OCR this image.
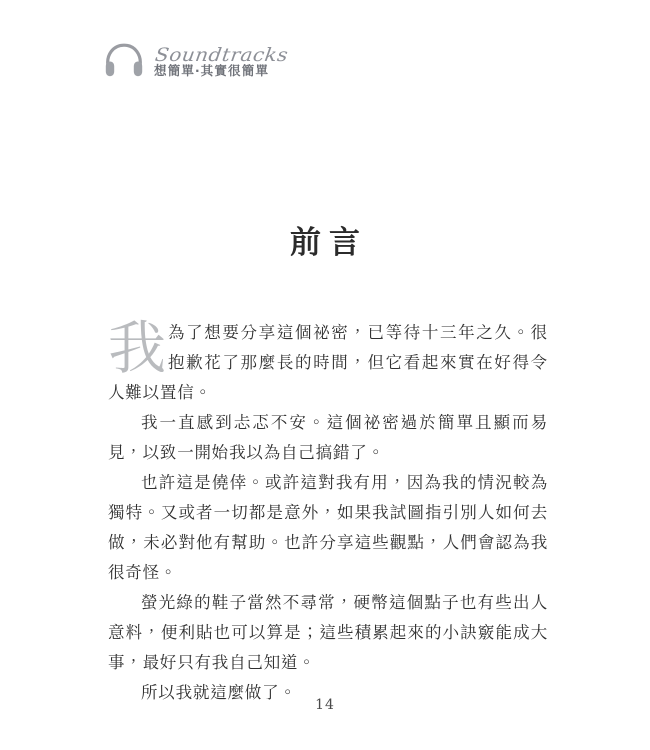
Soundtracks
想簡單‧其實很簡單
前言

我為了想要分享這個祕密，已等待十三年之久。很抱歉花了那麼長的時間，但它看起來實在好得令人難以置信。

我一直感到忐忑不安。這個祕密過於簡單且顯而易見，以致一開始我以為自己搞錯了。

也許這是僥倖。或許這對我有用，因為我的情況較為獨特。又或者一切都是意外，如果我試圖指引別人如何去做，未必對他有幫助。也許分享這些觀點，人們會認為我很奇怪。

螢光綠的鞋子當然不尋常，硬幣這個點子也有些出人意料，便利貼也可以算是；這些積累起來的小訣竅能成大事，最好只有我自己知道。

所以我就這麼做了。

14
